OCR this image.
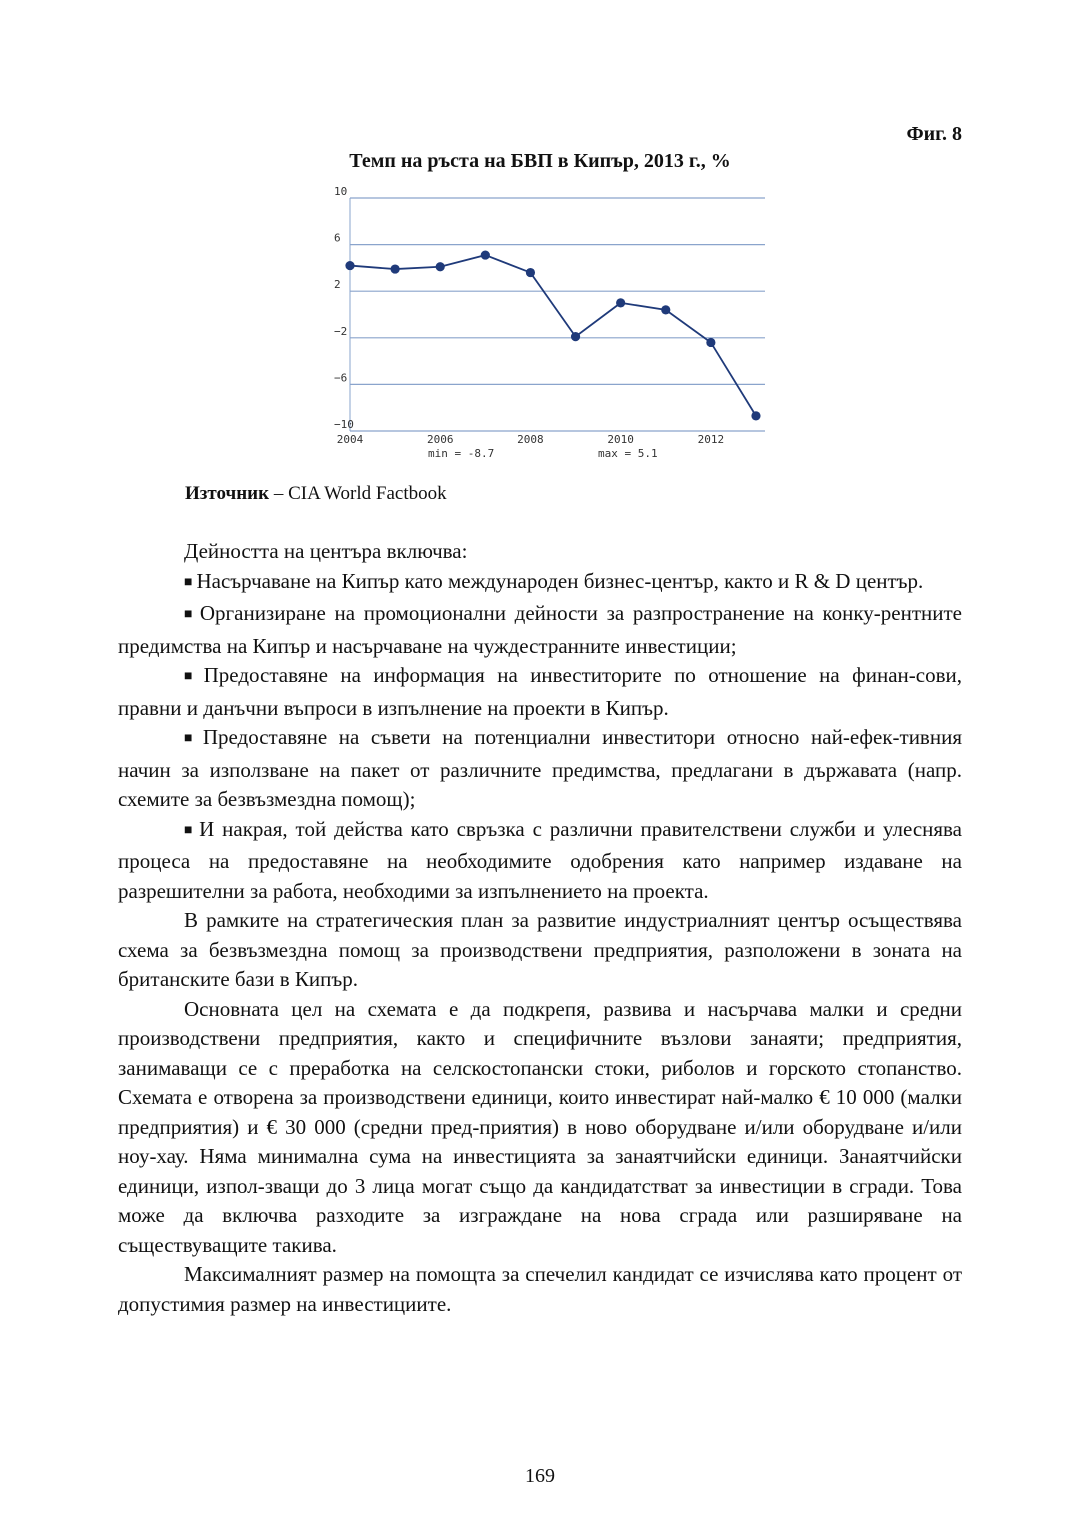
Фиг. 8
Темп на ръста на БВП в Кипър, 2013 г., %
10
6
2
−2
−6
−10
2004	2006	2008	2010	2012
min = -8.7	max = 5.1
Източник – CIA World Factbook

Дейността на центъра включва:

■ Насърчаване на Кипър като международен бизнес-център, както и R & D център.

■ Организиране на промоционални дейности за разпространение на конку-рентните предимства на Кипър и насърчаване на чуждестранните инвестиции;

■ Предоставяне на информация на инвеститорите по отношение на финан-сови, правни и данъчни въпроси в изпълнение на проекти в Кипър.

■ Предоставяне на съвети на потенциални инвеститори относно най-ефек-тивния начин за използване на пакет от различните предимства, предлагани в държавата (напр. схемите за безвъзмездна помощ);

■ И накрая, той действа като свръзка с различни правителствени служби и улеснява процеса на предоставяне на необходимите одобрения като например издаване на разрешителни за работа, необходими за изпълнението на проекта.

В рамките на стратегическия план за развитие индустриалният център осъществява схема за безвъзмездна помощ за производствени предприятия, разположени в зоната на британските бази в Кипър.

Основната цел на схемата е да подкрепя, развива и насърчава малки и средни производствени предприятия, както и специфичните възлови занаяти; предприятия, занимаващи се с преработка на селскостопански стоки, риболов и горското стопанство. Схемата е отворена за производствени единици, които инвестират най-малко € 10 000 (малки предприятия) и € 30 000 (средни пред-приятия) в ново оборудване и/или оборудване и/или ноу-хау. Няма минимална сума на инвестицията за занаятчийски единици. Занаятчийски единици, изпол-зващи до 3 лица могат също да кандидатстват за инвестиции в сгради. Това може да включва разходите за изграждане на нова сграда или разширяване на съществуващите такива.

Максималният размер на помощта за спечелил кандидат се изчислява като процент от допустимия размер на инвестициите.

169
